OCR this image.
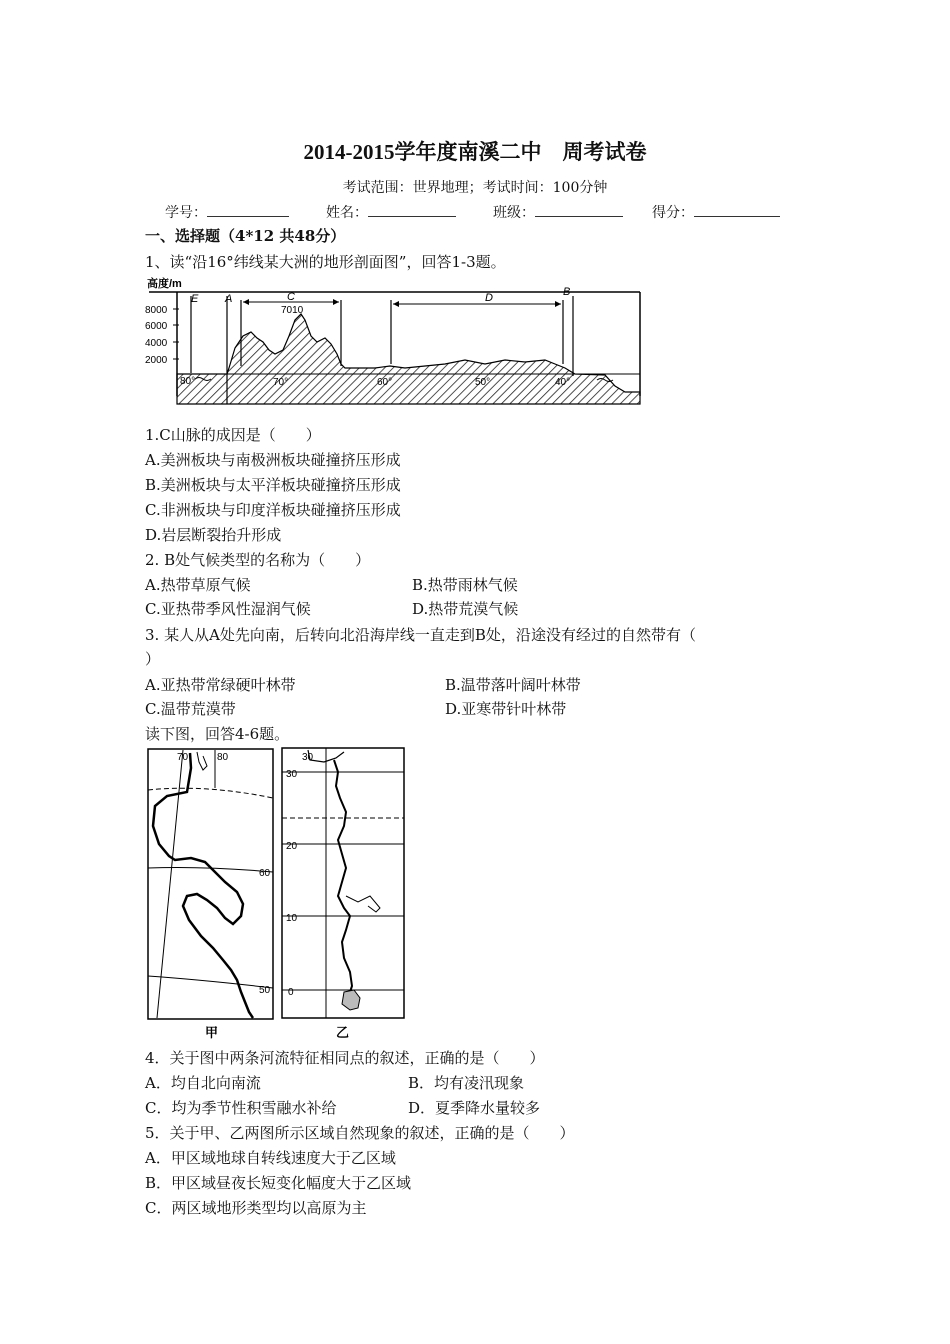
2014-2015学年度南溪二中　周考试卷
考试范围：世界地理；考试时间：100分钟
学号：	姓名：	班级：	得分：
一、选择题（4*12 共48分）
1、读“沿16°纬线某大洲的地形剖面图”，回答1-3题。
高度/m
8000
6000
4000
2000
E A	C
7010
D	B
80°	70°	60°	50°	40°
1.C山脉的成因是（　　）
A.美洲板块与南极洲板块碰撞挤压形成
B.美洲板块与太平洋板块碰撞挤压形成
C.非洲板块与印度洋板块碰撞挤压形成
D.岩层断裂抬升形成
2. B处气候类型的名称为（　　）
A.热带草原气候	B.热带雨林气候
C.亚热带季风性湿润气候	D.热带荒漠气候
3. 某人从A处先向南，后转向北沿海岸线一直走到B处，沿途没有经过的自然带有（
）
A.亚热带常绿硬叶林带	B.温带落叶阔叶林带
C.温带荒漠带	D.亚寒带针叶林带
读下图，回答4-6题。
70	80
60
50
甲
30
30
20
10
0
乙
4．关于图中两条河流特征相同点的叙述，正确的是（　　）
A．均自北向南流	B．均有凌汛现象
C．均为季节性积雪融水补给	D．夏季降水量较多
5．关于甲、乙两图所示区域自然现象的叙述，正确的是（　　）
A．甲区域地球自转线速度大于乙区域
B．甲区域昼夜长短变化幅度大于乙区域
C．两区域地形类型均以高原为主
